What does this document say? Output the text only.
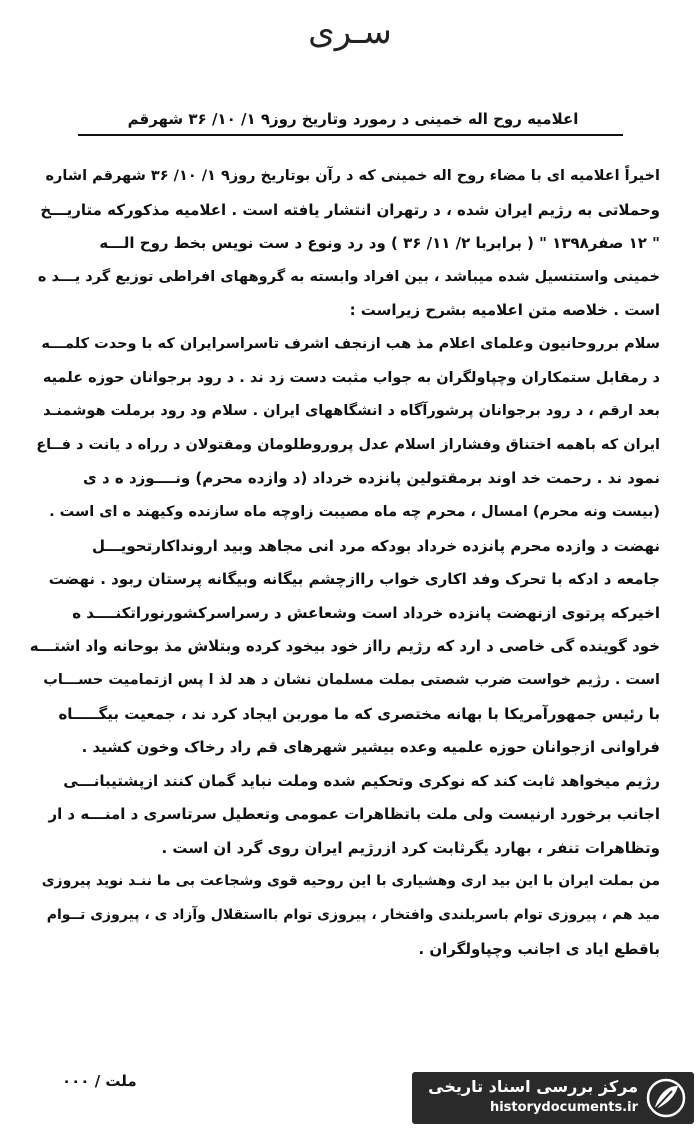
سـرى
اعلامیه روح اله خمینی د رمورد وتاریخ روز۹ ۱/ ۱۰/ ۳۶ شهرقم

اخیراً اعلامیه ای با مضاء روح اله خمینی که د رآن بوتاریخ روز۹ ۱/ ۱۰/ ۳۶ شهرقم اشاره

وحملاتی به رژیم ایران شده ، د رتهران انتشار یافته است . اعلامیه مذکورکه متاریـــخ

" ۱۲ صفر۱۳۹۸ " ( برابربا ۲/ ۱۱/ ۳۶ ) ود رد ونوع د ست نویس بخط روح الـــه

خمینی واستنسیل شده میباشد ، بین افراد وابسته به گروههای افراطی توزیع گرد یـــد ه

است . خلاصه متن اعلامیه بشرح زیراست :

سلام برروحانیون وعلمای اعلام مذ هب ازنجف اشرف تاسراسرایران که با وحدت کلمـــه

د رمقابل ستمکاران وچپاولگران به جواب مثبت دست زد ند . د رود برجوانان حوزه علمیه

بعد ارقم ، د رود برجوانان پرشورآگاه د انشگاههای ایران . سلام ود رود برملت هوشمنـد

ایران که باهمه اختناق وفشاراز اسلام عدل پروروطلومان ومقتولان د رراه د یانت د فــاع

نمود ند . رحمت خد اوند برمقتولین پانزده خرداد (د وازده محرم) ونــــوزد ه د ی

(بیست ونه محرم) امسال ، محرم چه ماه مصیبت زاوچه ماه سازنده وکیهند ه ای است .

نهضت د وازده محرم پانزده خرداد بودکه مرد انی مجاهد وبید ارونداکارتحویـــل

جامعه د ادکه با تحرک وفد اکاری خواب راازچشم بیگانه وبیگانه پرستان ربود . نهضت

اخیرکه پرتوی ازنهضت پانزده خرداد است وشعاعش د رسراسرکشورنوراتکنــــد ه

خود گوینده گی خاصی د ارد که رژیم رااز خود بیخود کرده وبتلاش مذ بوحانه واد اشتـــه

است . رژیم خواست ضرب شصتی بملت مسلمان نشان د هد لذ ا پس ازتمامیت حســـاب

با رئیس جمهورآمریکا با بهانه مختصری که ما موربن ایجاد کرد ند ، جمعیت بیگـــــاه

فراوانی ازجوانان حوزه علمیه وعده بیشیر شهرهاى قم راد رخاک وخون کشید .

رژیم میخواهد ثابت کند که نوکری وتحکیم شده وملت نباید گمان کنند ازپشتیبانـــی

اجانب برخورد ارنیست ولی ملت باتظاهرات عمومی وتعطیل سرتاسری د امنـــه د ار

وتظاهرات تنفر ، بهارد یگرثابت کرد ازرژیم ایران روی گرد ان است .

من بملت ایران با این بید اری وهشیاری با این روحیه قوی وشجاعت بی ما ننـد نوید پیروزی

مید هم ، پیروزی توام باسربلندی وافتخار ، پیروزی توام بااستقلال وآزاد ی ، پیروزی تــوام

باقطع ایاد ی اجانب وچپاولگران .

ملت / ۰۰۰	مرکز بررسی اسناد تاریخی
historydocuments.ir
